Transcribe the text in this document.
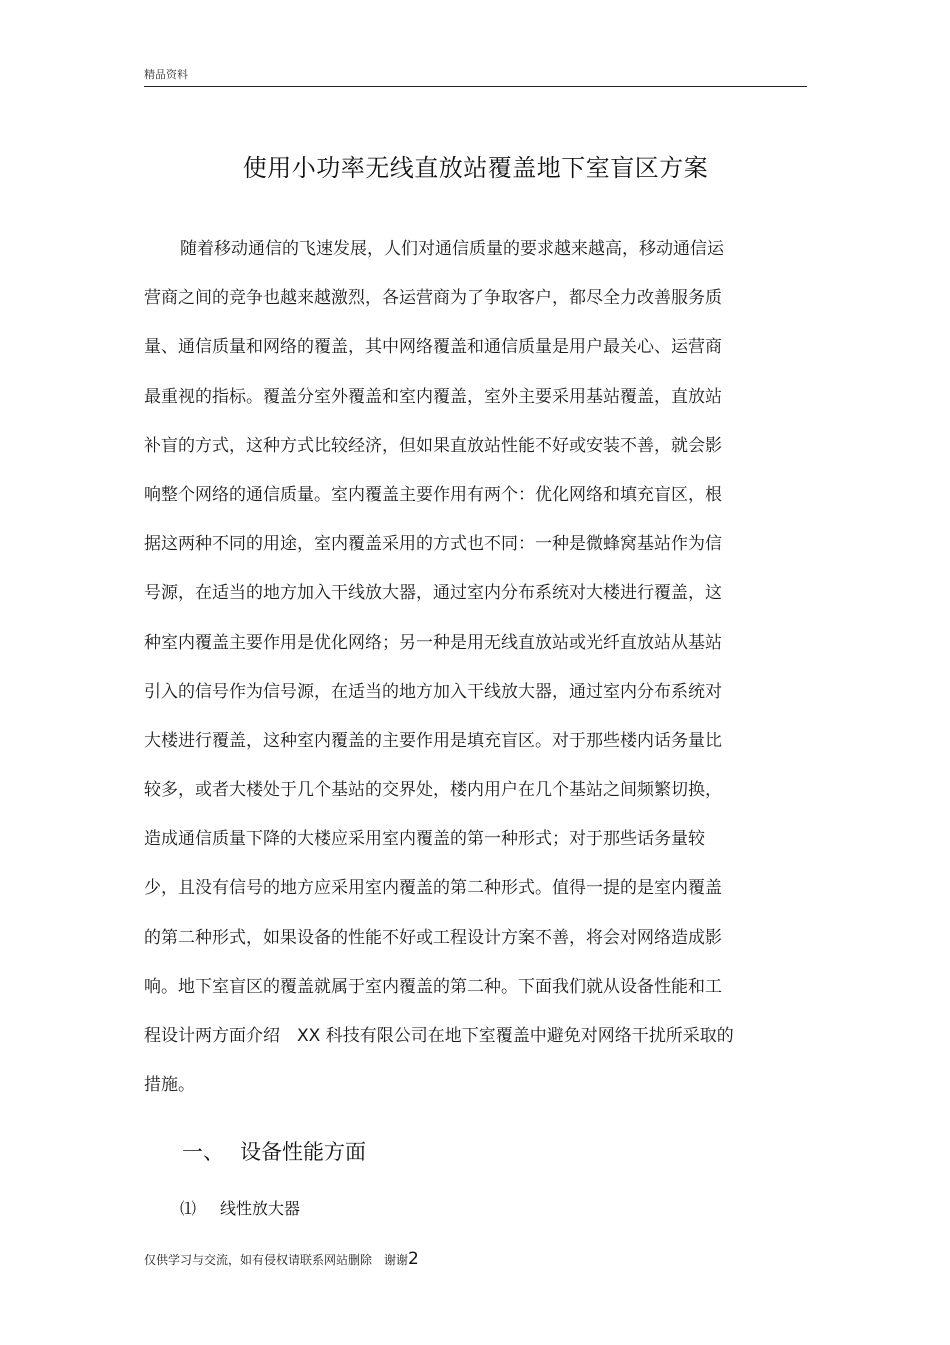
精品资料
使用小功率无线直放站覆盖地下室盲区方案
随着移动通信的飞速发展，人们对通信质量的要求越来越高，移动通信运
营商之间的竞争也越来越激烈，各运营商为了争取客户，都尽全力改善服务质
量、通信质量和网络的覆盖，其中网络覆盖和通信质量是用户最关心、运营商
最重视的指标。覆盖分室外覆盖和室内覆盖，室外主要采用基站覆盖，直放站
补盲的方式，这种方式比较经济，但如果直放站性能不好或安装不善，就会影
响整个网络的通信质量。室内覆盖主要作用有两个：优化网络和填充盲区，根
据这两种不同的用途，室内覆盖采用的方式也不同：一种是微蜂窝基站作为信
号源，在适当的地方加入干线放大器，通过室内分布系统对大楼进行覆盖，这
种室内覆盖主要作用是优化网络；另一种是用无线直放站或光纤直放站从基站
引入的信号作为信号源，在适当的地方加入干线放大器，通过室内分布系统对
大楼进行覆盖，这种室内覆盖的主要作用是填充盲区。对于那些楼内话务量比
较多，或者大楼处于几个基站的交界处，楼内用户在几个基站之间频繁切换，
造成通信质量下降的大楼应采用室内覆盖的第一种形式；对于那些话务量较
少，且没有信号的地方应采用室内覆盖的第二种形式。值得一提的是室内覆盖
的第二种形式，如果设备的性能不好或工程设计方案不善，将会对网络造成影
响。地下室盲区的覆盖就属于室内覆盖的第二种。下面我们就从设备性能和工
程设计两方面介绍　XX 科技有限公司在地下室覆盖中避免对网络干扰所采取的
措施。
一、 设备性能方面
⑴ 线性放大器
仅供学习与交流，如有侵权请联系网站删除　谢谢2
